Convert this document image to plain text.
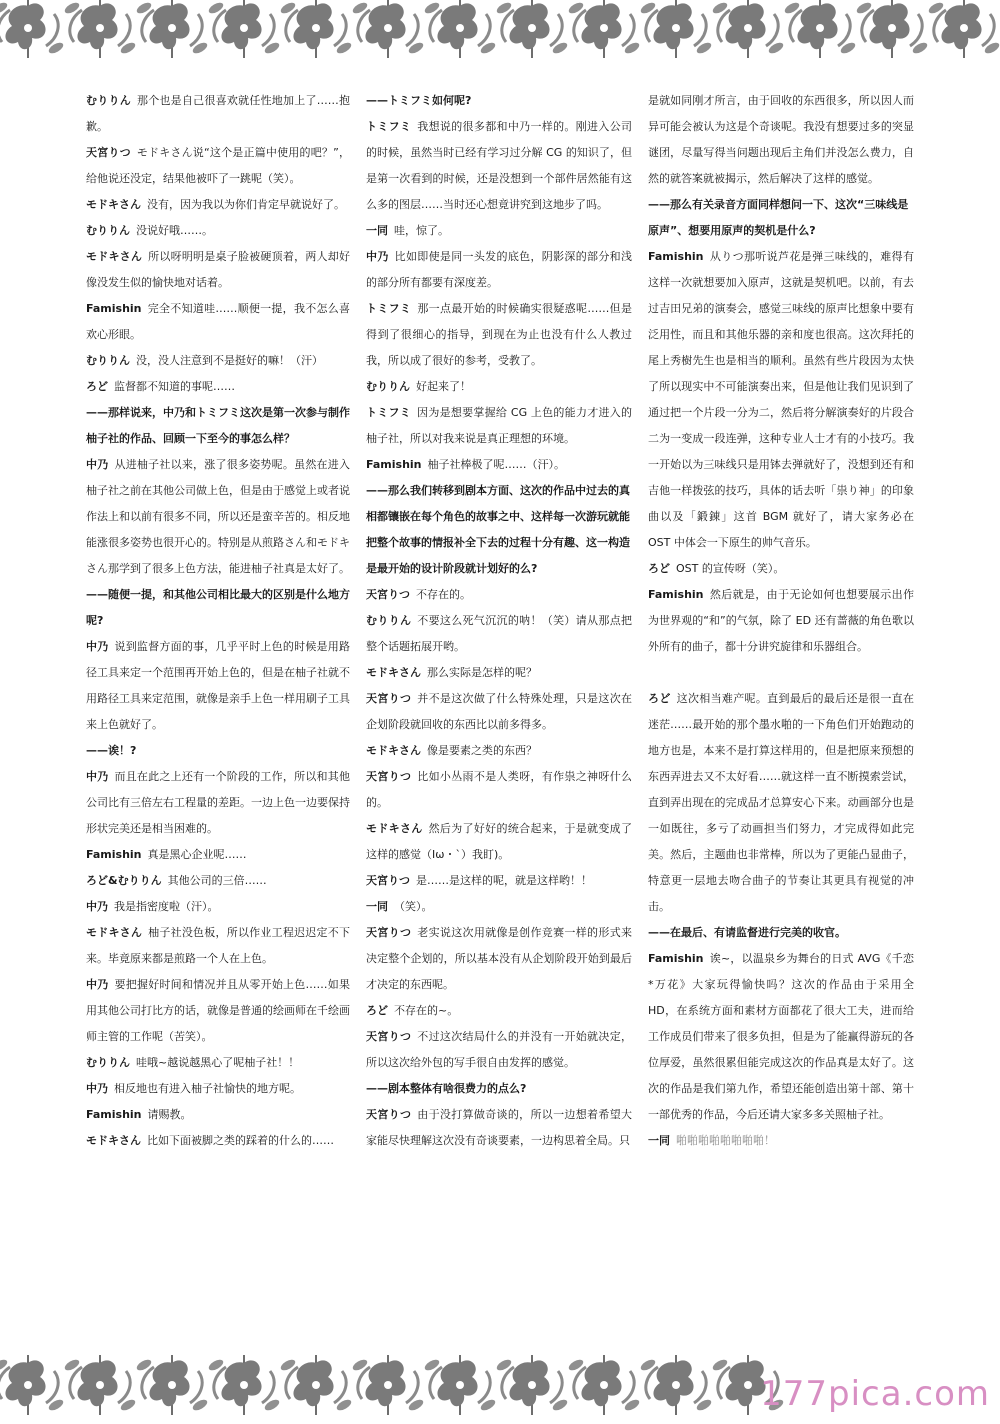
むりりん 那个也是自己很喜欢就任性地加上了……抱歉。

天宮りつ モドキさん说“这个是正篇中使用的吧？”，给他说还没定，结果他被吓了一跳呢（笑）。

モドキさん 没有，因为我以为你们肯定早就说好了。

むりりん 没说好哦……。

モドキさん 所以呀明明是桌子脸被硬顶着，两人却好像没发生似的愉快地对话着。

Famishin 完全不知道哇……顺便一提，我不怎么喜欢心形眼。

むりりん 没，没人注意到不是挺好的嘛！（汗）

ろど 监督都不知道的事呢……

——那样说来，中乃和トミフミ这次是第一次参与制作柚子社的作品、回顾一下至今的事怎么样？

中乃 从进柚子社以来，涨了很多姿势呢。虽然在进入柚子社之前在其他公司做上色，但是由于感觉上或者说作法上和以前有很多不同，所以还是蛮辛苦的。相反地能涨很多姿势也很开心的。特别是从煎路さん和モドキさん那学到了很多上色方法，能进柚子社真是太好了。

——随便一提，和其他公司相比最大的区别是什么地方呢?

中乃 说到监督方面的事，几乎平时上色的时候是用路径工具来定一个范围再开始上色的，但是在柚子社就不用路径工具来定范围，就像是亲手上色一样用刷子工具来上色就好了。

——诶！?

中乃 而且在此之上还有一个阶段的工作，所以和其他公司比有三倍左右工程量的差距。一边上色一边要保持形状完美还是相当困难的。

Famishin 真是黑心企业呢……

ろど&むりりん 其他公司的三倍……

中乃 我是指密度啦（汗）。

モドキさん 柚子社没色板，所以作业工程迟迟定不下来。毕竟原来都是煎路一个人在上色。

中乃 要把握好时间和情况并且从零开始上色……如果用其他公司打比方的话，就像是普通的绘画师在千绘画师主管的工作呢（苦笑）。

むりりん 哇哦~越说越黑心了呢柚子社！！

中乃 相反地也有进入柚子社愉快的地方呢。

Famishin 请赐教。

モドキさん 比如下面被脚之类的踩着的什么的……

——トミフミ如何呢?

トミフミ 我想说的很多都和中乃一样的。刚进入公司的时候，虽然当时已经有学习过分解 CG 的知识了，但是第一次看到的时候，还是没想到一个部件居然能有这么多的图层……当时还心想竟讲究到这地步了吗。

一同 哇，惊了。

中乃 比如即使是同一头发的底色，阴影深的部分和浅的部分所有都要有深度差。

トミフミ 那一点最开始的时候确实很疑惑呢……但是得到了很细心的指导，到现在为止也没有什么人教过我，所以成了很好的参考，受教了。

むりりん 好起来了！

トミフミ 因为是想要掌握给 CG 上色的能力才进入的柚子社，所以对我来说是真正理想的环境。

Famishin 柚子社棒极了呢……（汗）。

——那么我们转移到剧本方面、这次的作品中过去的真相都镶嵌在每个角色的故事之中、这样每一次游玩就能把整个故事的情报补全下去的过程十分有趣、这一构造是最开始的设计阶段就计划好的么?

天宮りつ 不存在的。

むりりん 不要这么死气沉沉的呐！（笑）请从那点把整个话题拓展开哟。

モドキさん 那么实际是怎样的呢？

天宮りつ 并不是这次做了什么特殊处理，只是这次在企划阶段就回收的东西比以前多得多。

モドキさん 像是要素之类的东西？

天宮りつ 比如小丛雨不是人类呀，有作祟之神呀什么的。

モドキさん 然后为了好好的统合起来，于是就变成了这样的感觉（Iω・`）我盯)。

天宮りつ 是……是这样的呢，就是这样哟！！

一同 （笑）。

天宮りつ 老实说这次用就像是创作竞赛一样的形式来决定整个企划的，所以基本没有从企划阶段开始到最后才决定的东西呢。

ろど 不存在的~。

天宮りつ 不过这次结局什么的并没有一开始就决定，所以这次给外包的写手很自由发挥的感觉。

——剧本整体有啥很费力的点么?

天宮りつ 由于没打算做奇谈的，所以一边想着希望大家能尽快理解这次没有奇谈要素，一边构思着全局。只

是就如同刚才所言，由于回收的东西很多，所以因人而异可能会被认为这是个奇谈呢。我没有想要过多的突显谜团，尽量写得当问题出现后主角们并没怎么费力，自然的就答案就被揭示，然后解决了这样的感觉。

——那么有关录音方面同样想问一下、这次“三味线是原声”、想要用原声的契机是什么?

Famishin 从りつ那听说芦花是弹三味线的，难得有这样一次就想要加入原声，这就是契机吧。以前，有去过吉田兄弟的演奏会，感觉三味线的原声比想象中要有泛用性，而且和其他乐器的亲和度也很高。这次拜托的尾上秀樹先生也是相当的顺利。虽然有些片段因为太快了所以现实中不可能演奏出来，但是他让我们见识到了通过把一个片段一分为二，然后将分解演奏好的片段合二为一变成一段连弹，这种专业人士才有的小技巧。我一开始以为三味线只是用钵去弹就好了，没想到还有和吉他一样拨弦的技巧，具体的话去听「祟り神」的印象曲以及「鍛錬」这首 BGM 就好了，请大家务必在 OST 中体会一下原生的帅气音乐。

ろど OST 的宣传呀（笑）。

Famishin 然后就是，由于无论如何也想要展示出作为世界观的“和”的气氛，除了 ED 还有蔷薇的角色歌以外所有的曲子，都十分讲究旋律和乐器组合。

ろど 这次相当难产呢。直到最后的最后还是很一直在迷茫……最开始的那个墨水啪的一下角色们开始跑动的地方也是，本来不是打算这样用的，但是把原来预想的东西弄进去又不太好看……就这样一直不断摸索尝试，直到弄出现在的完成品才总算安心下来。动画部分也是一如既往，多亏了动画担当们努力，才完成得如此完美。然后，主题曲也非常棒，所以为了更能凸显曲子，特意更一层地去吻合曲子的节奏让其更具有视觉的冲击。

——在最后、有请监督进行完美的收官。

Famishin 诶~，以温泉乡为舞台的日式 AVG《千恋*万花》大家玩得愉快吗？这次的作品由于采用全 HD，在系统方面和素材方面都花了很大工夫，进而给工作成员们带来了很多负担，但是为了能赢得游玩的各位厚爱，虽然很累但能完成这次的作品真是太好了。这次的作品是我们第九作，希望还能创造出第十部、第十一部优秀的作品，今后还请大家多多关照柚子社。

一同 啪啪啪啪啪啪啪啪！

177pica.com
